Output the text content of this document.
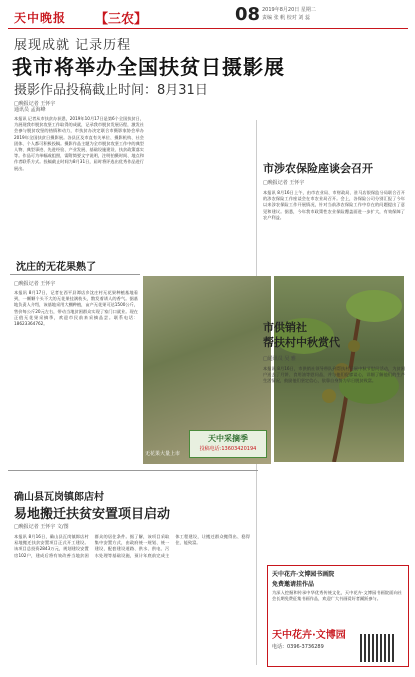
天中晚报 【三农】	08 2019年8月20日 星期二
责编 张 帆 校对 刘 蕊
展现成就 记录历程
我市将举办全国扶贫日摄影展
摄影作品投稿截止时间：8月31日
□晚报记者 王怀宇
通讯员 孟海峰
本报讯 记者从市扶贫办获悉，2019年10月17日是第6个全国扶贫日，为展现我市脱贫攻坚工作取得的成就，记录我市脱贫发展历程，激发社会参与脱贫攻坚的热情和动力，市扶贫办决定联合市摄影家协会举办2019年全国扶贫日摄影展。各县区及市直有关单位、摄影机构、社会团体、个人都可积极投稿。摄影作品主题为全市脱贫攻坚工作中的典型人物、典型事迹、先进经验、产业发展、基础设施建设、扶贫政策落实等。作品可为单幅或组照，需附简要文字说明，注明拍摄时间、地点和作者联系方式。投稿截止时间为8月31日，届时将评选出优秀作品进行展出。
沈庄的无花果熟了
□晚报记者 王怀宇
本报讯 8月17日，记者在西平县谭店乡沈庄村无花果种植基地看到，一颗颗个头不大的无花果挂满枝头，散发着诱人的香气。据基地负责人介绍，该基地采用大棚种植，亩产无花果可达1500公斤，售价每公斤20元左右，带动当地贫困群众实现了家门口就业。现在正值无花果采摘季，欢迎市民前来采摘品尝。联系电话：18623364762。
无花果大量上市
天中采摘季
投稿电话:13603420194
确山县瓦岗镇郎店村
易地搬迁扶贫安置项目启动
□晚报记者 王怀宇 文/图
本报讯 8月16日，确山县瓦岗镇郎店村易地搬迁扶贫安置项目正式开工建设。该项目总投资2843万元，规划建设安置房102户，建成后将有效改善当地贫困群众的居住条件。据了解，该项目采取集中安置方式，由政府统一规划、统一建设，配套建设道路、供水、供电、污水处理等基础设施，预计年底前完成主体工程建设，让搬迁群众搬得出、稳得住、能致富。
市涉农保险座谈会召开
□晚报记者 王怀宇
本报讯 8月16日上午，由市农业局、市财政局、驻马店银保监分局联合召开的涉农保险工作座谈会在市农业局召开。会上，各保险公司分别汇报了今年以来涉农保险工作开展情况，针对当前涉农保险工作中存在的问题提出了意见和建议。据悉，今年我市政策性农业保险覆盖面进一步扩大，有效保障了农户利益。
市供销社
帮扶村中秋赏代
□通讯员 吴 雅
本报讯 8月16日，市供销社领导带队到帮扶村开展中秋节慰问活动，为贫困户送去了月饼、食用油等慰问品，并与他们促膝谈心，详细了解他们的生产生活情况，鼓励他们坚定信心，依靠自身努力早日脱贫致富。
天中花卉·文博园书画院
免费邀请挂作品
为深入挖掘和传承中华优秀传统文化，天中花卉·文博园书画院面向社会长期免费征集书画作品，欢迎广大书画爱好者踊跃参与。
天中花卉·文博园
电话：0396-3736289
